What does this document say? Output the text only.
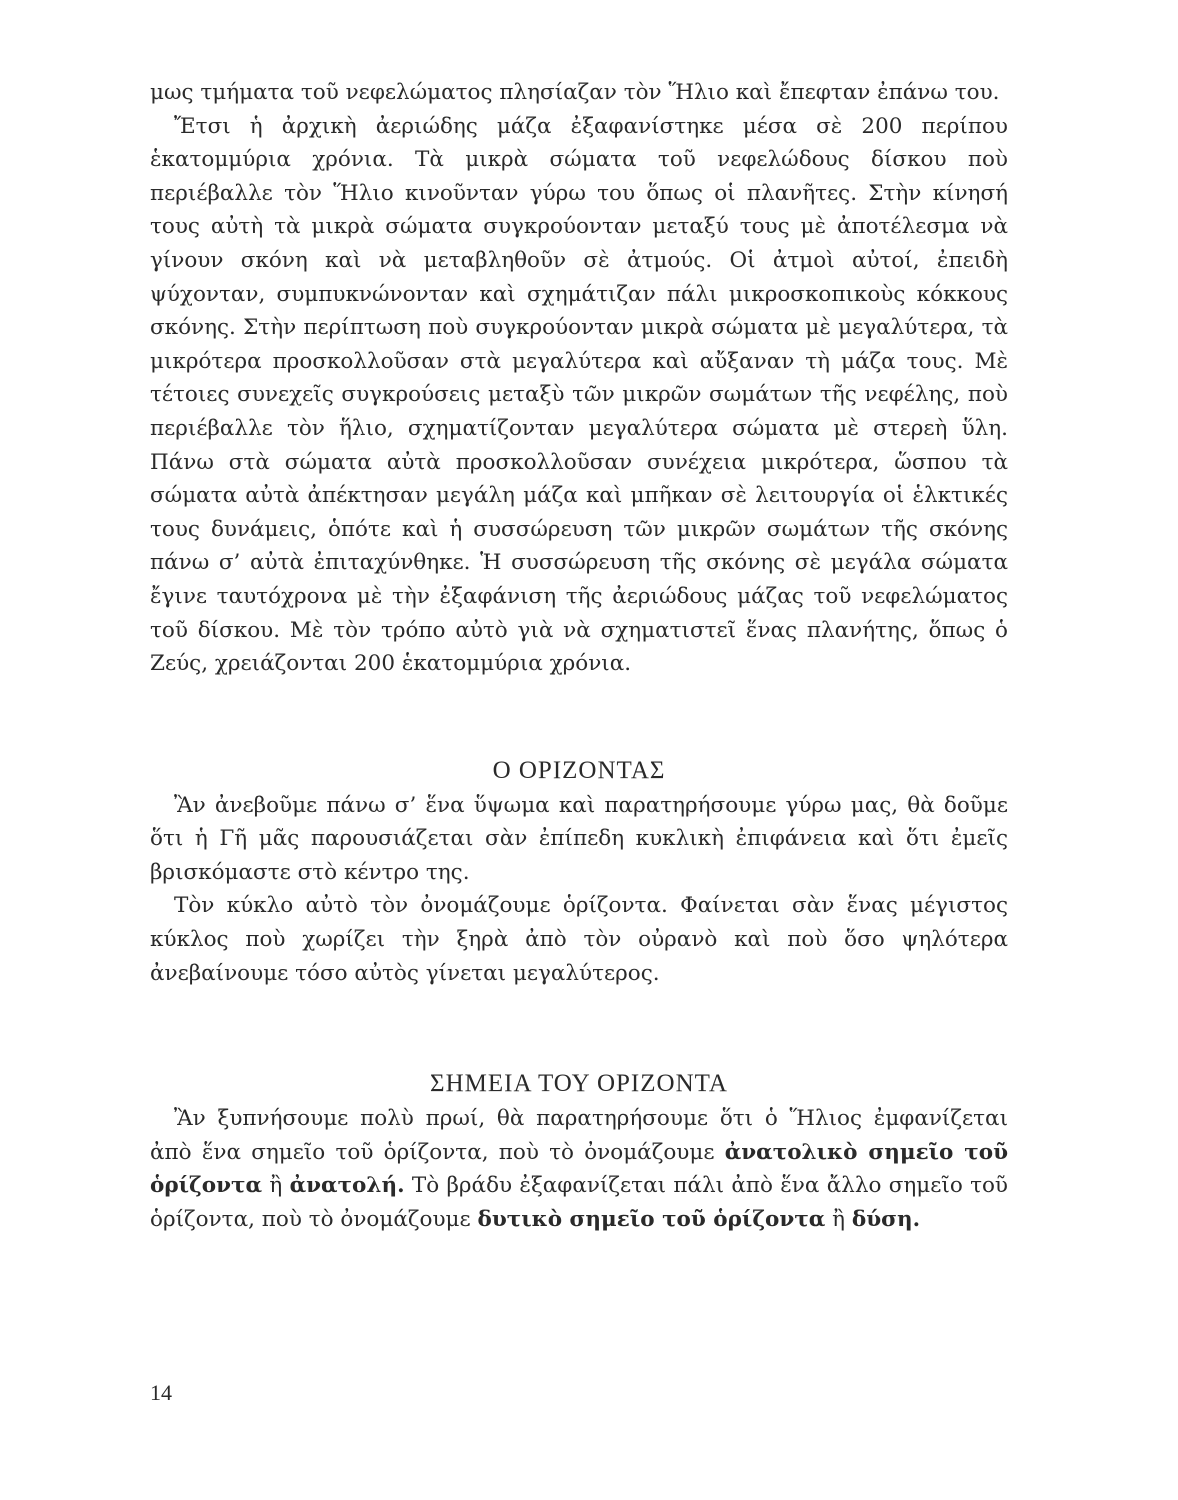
μως τμήματα τοῦ νεφελώματος πλησίαζαν τὸν Ἥλιο καὶ ἔπεφταν ἐπάνω του.

Ἔτσι ἡ ἀρχικὴ ἀεριώδης μάζα ἐξαφανίστηκε μέσα σὲ 200 περίπου ἑκατομμύρια χρόνια. Τὰ μικρὰ σώματα τοῦ νεφελώδους δίσκου ποὺ περιέβαλλε τὸν Ἥλιο κινοῦνταν γύρω του ὅπως οἱ πλανῆτες. Στὴν κίνησή τους αὐτὴ τὰ μικρὰ σώματα συγκρούονταν μεταξύ τους μὲ ἀποτέλεσμα νὰ γίνουν σκόνη καὶ νὰ μεταβληθοῦν σὲ ἀτμούς. Οἱ ἀτμοὶ αὐτοί, ἐπειδὴ ψύχονταν, συμπυκνώνονταν καὶ σχημάτιζαν πάλι μικροσκοπικοὺς κόκκους σκόνης. Στὴν περίπτωση ποὺ συγκρούονταν μικρὰ σώματα μὲ μεγαλύτερα, τὰ μικρότερα προσκολλοῦσαν στὰ μεγαλύτερα καὶ αὔξαναν τὴ μάζα τους. Μὲ τέτοιες συνεχεῖς συγκρούσεις μεταξὺ τῶν μικρῶν σωμάτων τῆς νεφέλης, ποὺ περιέβαλλε τὸν ἥλιο, σχηματίζονταν μεγαλύτερα σώματα μὲ στερεὴ ὕλη. Πάνω στὰ σώματα αὐτὰ προσκολλοῦσαν συνέχεια μικρότερα, ὥσπου τὰ σώματα αὐτὰ ἀπέκτησαν μεγάλη μάζα καὶ μπῆκαν σὲ λειτουργία οἱ ἑλκτικές τους δυνάμεις, ὁπότε καὶ ἡ συσσώρευση τῶν μικρῶν σωμάτων τῆς σκόνης πάνω σ’ αὐτὰ ἐπιταχύνθηκε. Ἡ συσσώρευση τῆς σκόνης σὲ μεγάλα σώματα ἔγινε ταυτόχρονα μὲ τὴν ἐξαφάνιση τῆς ἀεριώδους μάζας τοῦ νεφελώματος τοῦ δίσκου. Μὲ τὸν τρόπο αὐτὸ γιὰ νὰ σχηματιστεῖ ἕνας πλανήτης, ὅπως ὁ Ζεύς, χρειάζονται 200 ἑκατομμύρια χρόνια.

Ο ΟΡΙΖΟΝΤΑΣ

Ἂν ἀνεβοῦμε πάνω σ’ ἕνα ὕψωμα καὶ παρατηρήσουμε γύρω μας, θὰ δοῦμε ὅτι ἡ Γῆ μᾶς παρουσιάζεται σὰν ἐπίπεδη κυκλικὴ ἐπιφάνεια καὶ ὅτι ἐμεῖς βρισκόμαστε στὸ κέντρο της.

Τὸν κύκλο αὐτὸ τὸν ὀνομάζουμε ὁρίζοντα. Φαίνεται σὰν ἕνας μέγιστος κύκλος ποὺ χωρίζει τὴν ξηρὰ ἀπὸ τὸν οὐρανὸ καὶ ποὺ ὅσο ψηλότερα ἀνεβαίνουμε τόσο αὐτὸς γίνεται μεγαλύτερος.

ΣΗΜΕΙΑ ΤΟΥ ΟΡΙΖΟΝΤΑ

Ἂν ξυπνήσουμε πολὺ πρωί, θὰ παρατηρήσουμε ὅτι ὁ Ἥλιος ἐμφανίζεται ἀπὸ ἕνα σημεῖο τοῦ ὁρίζοντα, ποὺ τὸ ὀνομάζουμε ἀνατολικὸ σημεῖο τοῦ ὁρίζοντα ἢ ἀνατολή. Τὸ βράδυ ἐξαφανίζεται πάλι ἀπὸ ἕνα ἄλλο σημεῖο τοῦ ὁρίζοντα, ποὺ τὸ ὀνομάζουμε δυτικὸ σημεῖο τοῦ ὁρίζοντα ἢ δύση.

14
